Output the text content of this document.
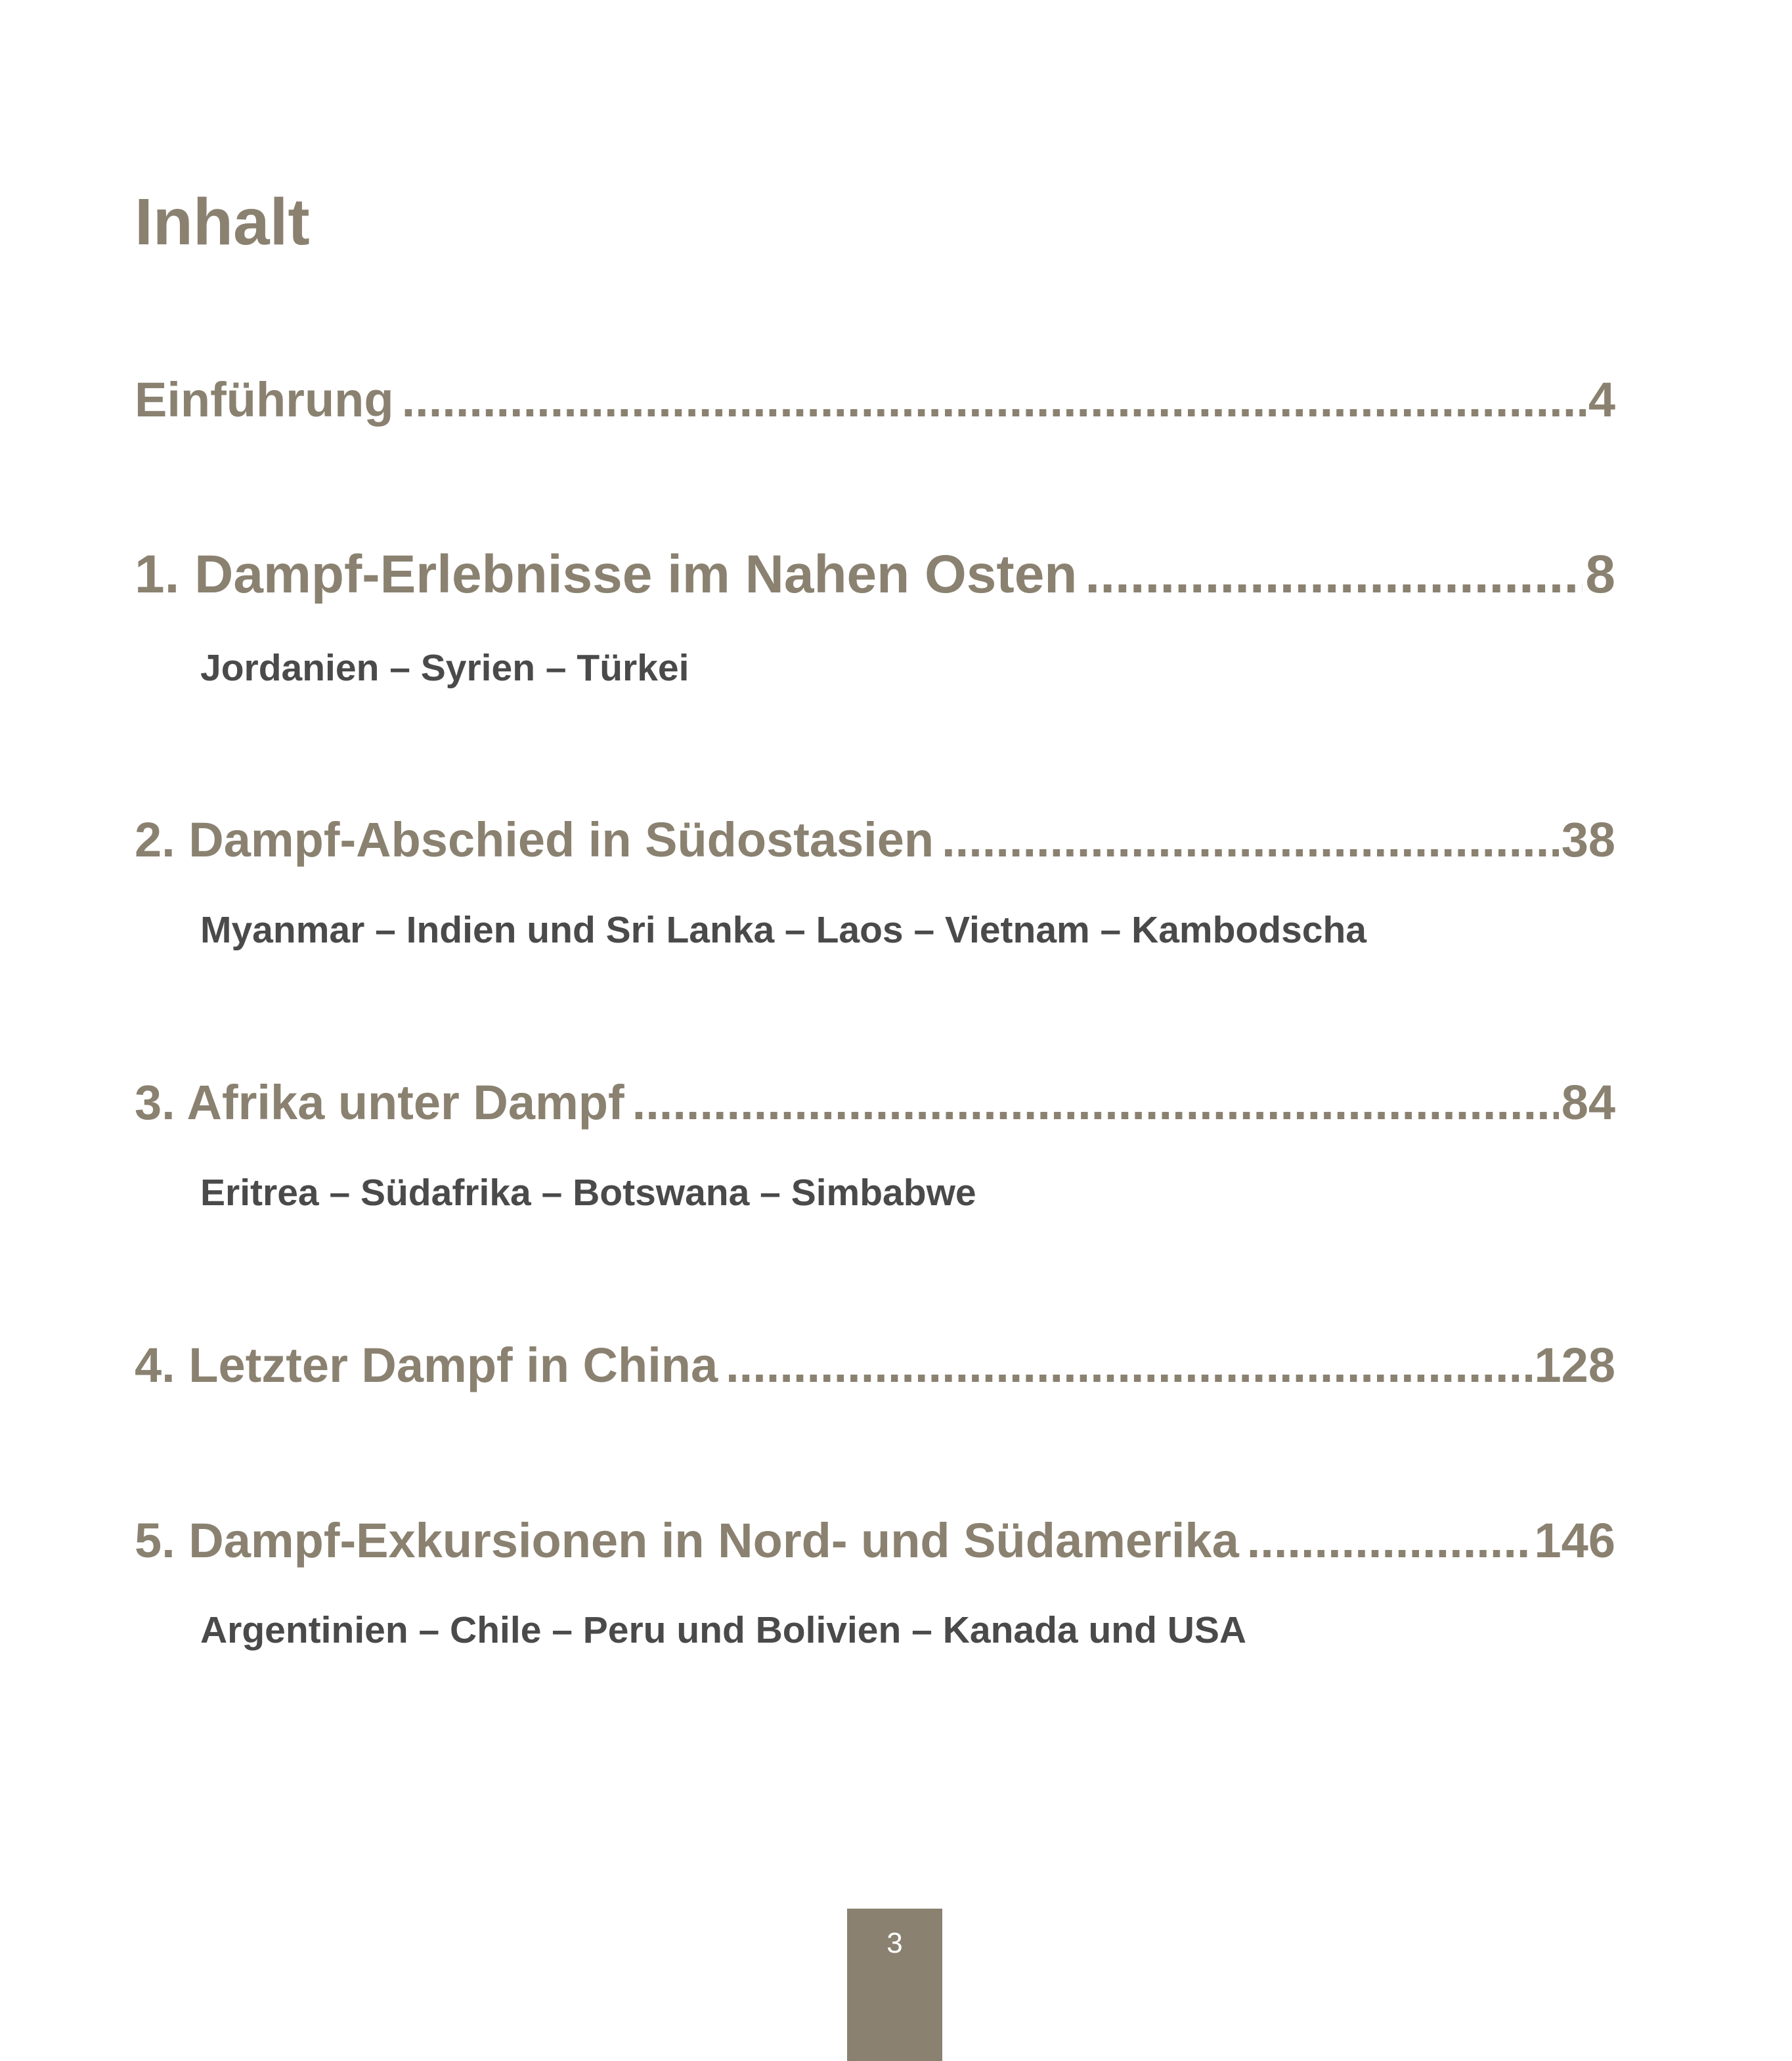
Inhalt
Einführung .....	4
1. Dampf-Erlebnisse im Nahen Osten .....	8
Jordanien – Syrien – Türkei
2. Dampf-Abschied in Südostasien .....	38
Myanmar – Indien und Sri Lanka – Laos – Vietnam – Kambodscha
3. Afrika unter Dampf .....	84
Eritrea – Südafrika – Botswana – Simbabwe
4. Letzter Dampf in China .....	128
5. Dampf-Exkursionen in Nord- und Südamerika .....	146
Argentinien – Chile – Peru und Bolivien – Kanada und USA
3
